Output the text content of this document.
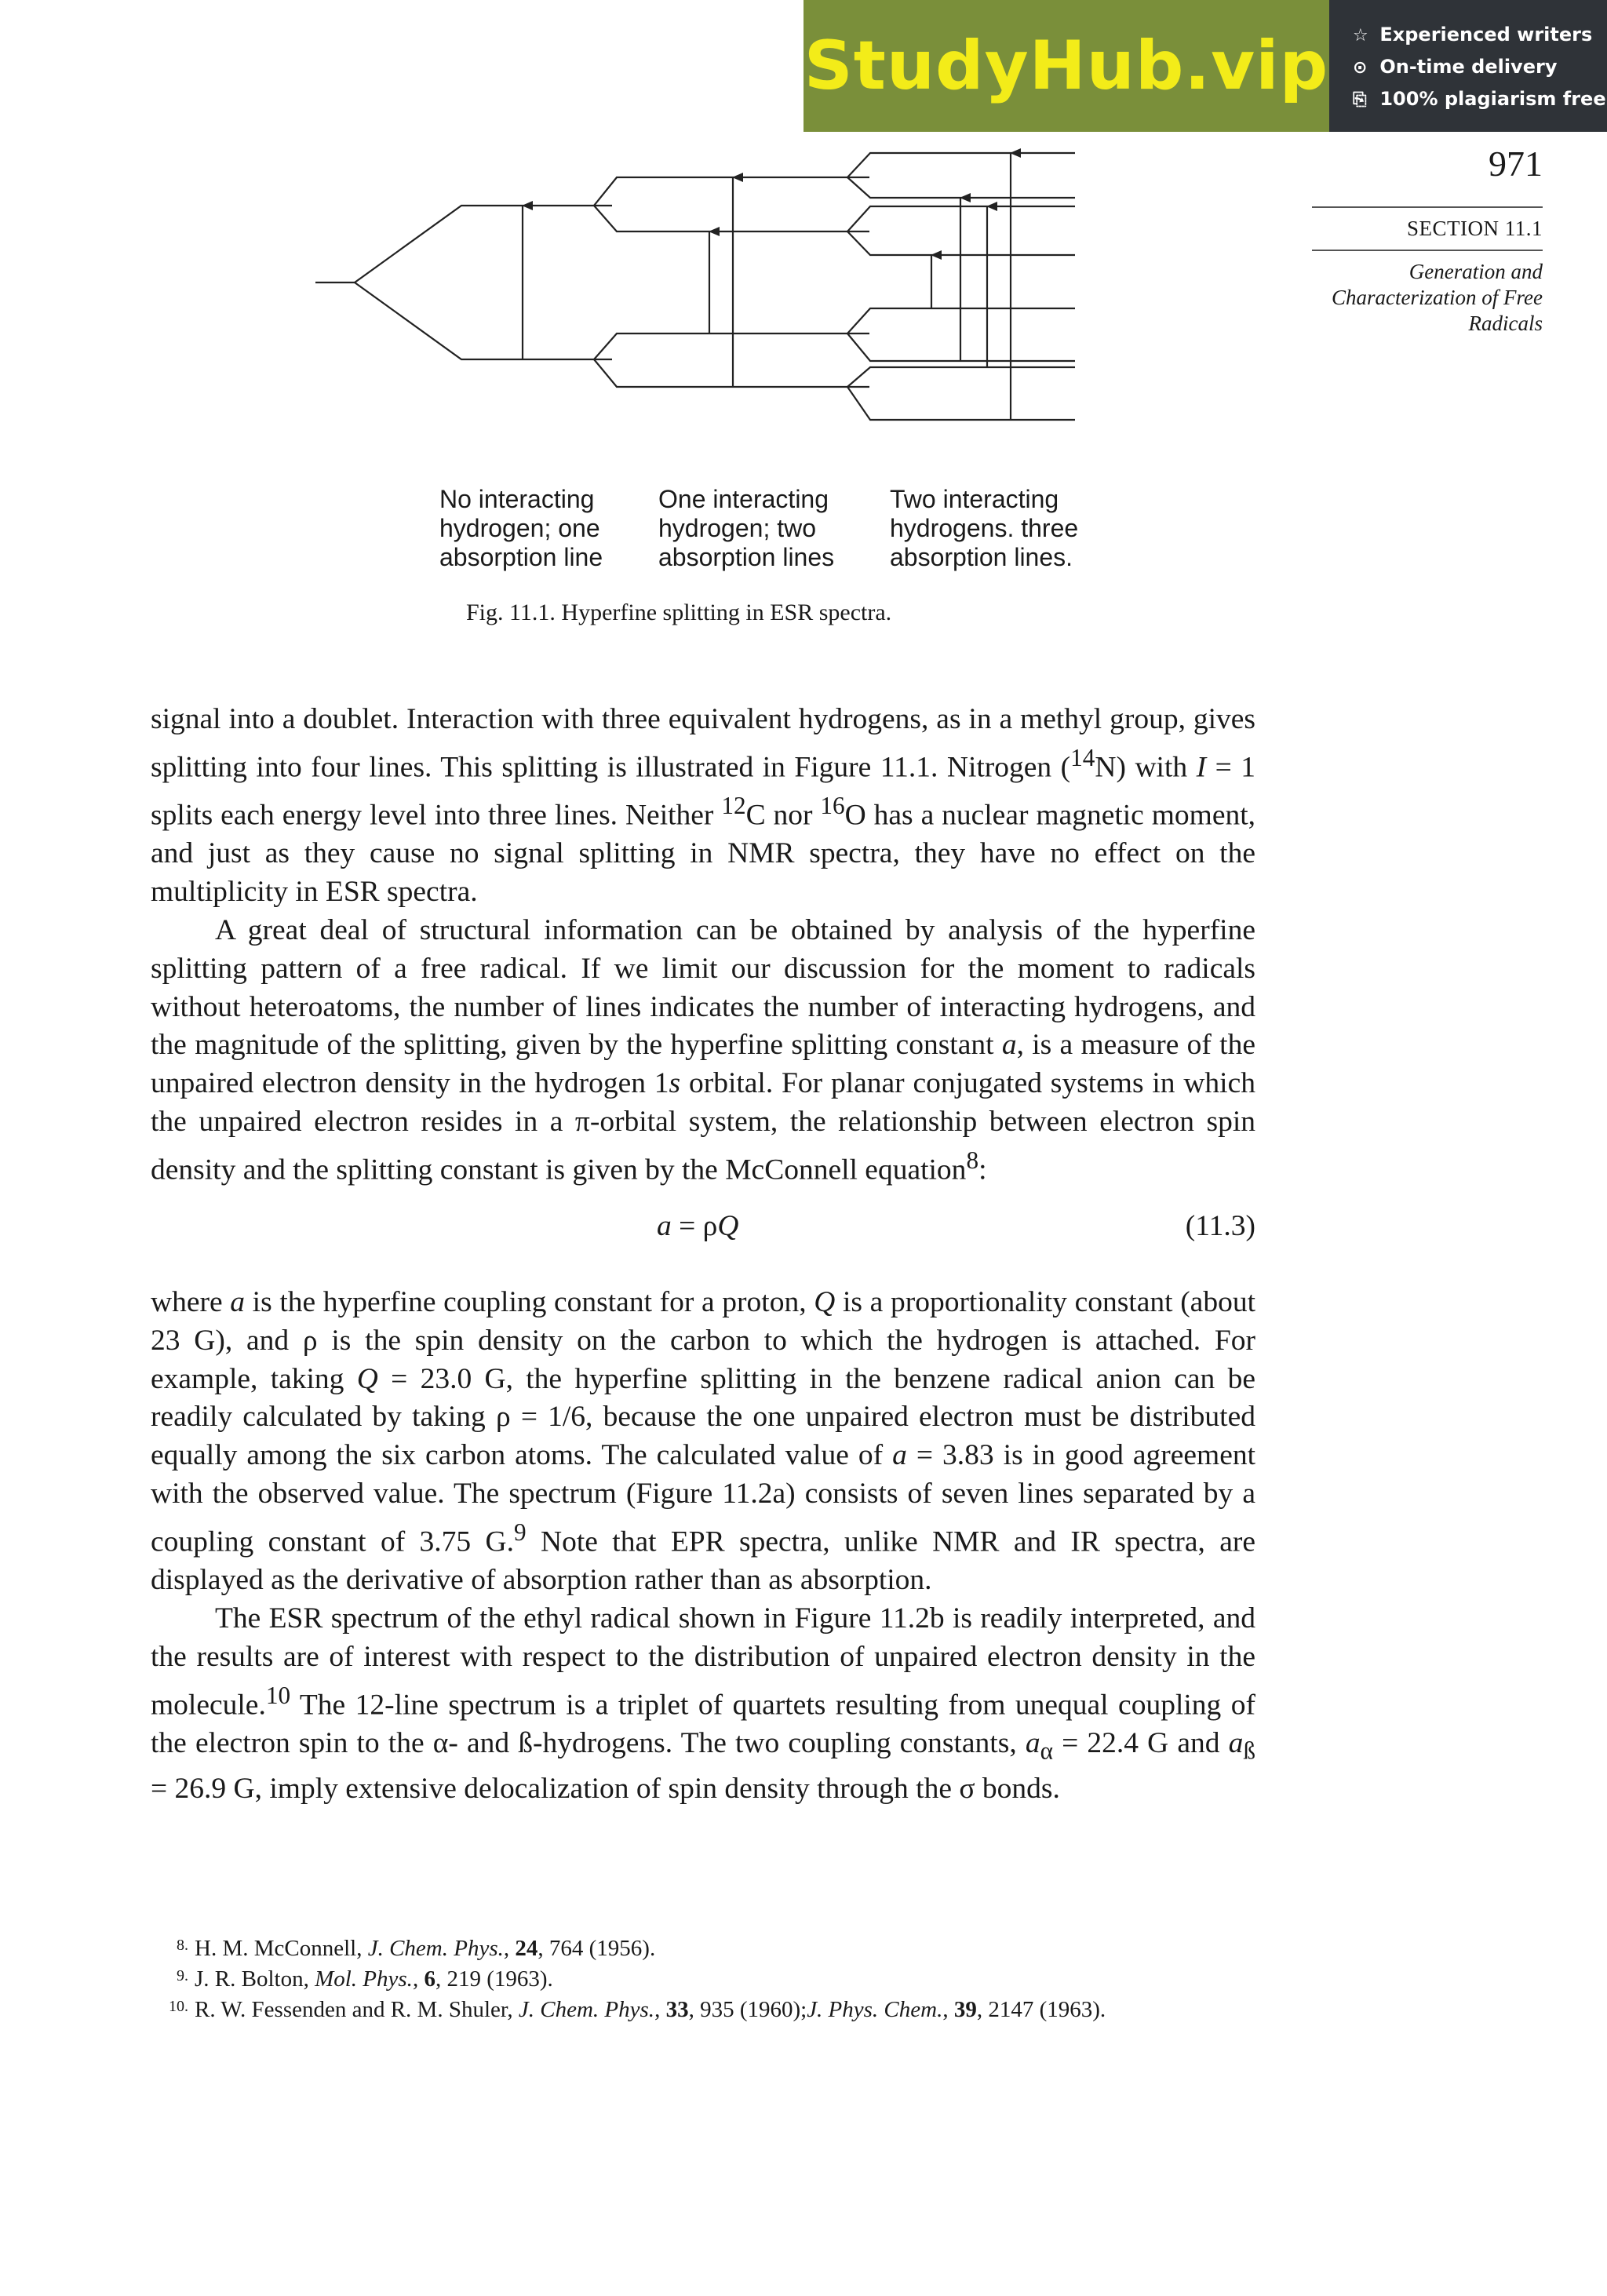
StudyHub.vip ☆ Experienced writers
⊙ On-time delivery
⎘ 100% plagiarism free
971
SECTION 11.1
Generation and Characterization of Free Radicals
No interacting
hydrogen; one
absorption line
One interacting
hydrogen; two
absorption lines
Two interacting
hydrogens. three
absorption lines.
Fig. 11.1. Hyperfine splitting in ESR spectra.

signal into a doublet. Interaction with three equivalent hydrogens, as in a methyl group, gives splitting into four lines. This splitting is illustrated in Figure 11.1. Nitrogen ($^{14}$N) with I = 1 splits each energy level into three lines. Neither $^{12}$C nor $^{16}$O has a nuclear magnetic moment, and just as they cause no signal splitting in NMR spectra, they have no effect on the multiplicity in ESR spectra.

A great deal of structural information can be obtained by analysis of the hyperfine splitting pattern of a free radical. If we limit our discussion for the moment to radicals without heteroatoms, the number of lines indicates the number of interacting hydrogens, and the magnitude of the splitting, given by the hyperfine splitting constant a, is a measure of the unpaired electron density in the hydrogen 1s orbital. For planar conjugated systems in which the unpaired electron resides in a π-orbital system, the relationship between electron spin density and the splitting constant is given by the McConnell equation$^8$:

a = ρQ	(11.3)

where a is the hyperfine coupling constant for a proton, Q is a proportionality constant (about 23 G), and ρ is the spin density on the carbon to which the hydrogen is attached. For example, taking Q = 23.0 G, the hyperfine splitting in the benzene radical anion can be readily calculated by taking ρ = 1/6, because the one unpaired electron must be distributed equally among the six carbon atoms. The calculated value of a = 3.83 is in good agreement with the observed value. The spectrum (Figure 11.2a) consists of seven lines separated by a coupling constant of 3.75 G.$^9$ Note that EPR spectra, unlike NMR and IR spectra, are displayed as the derivative of absorption rather than as absorption.

The ESR spectrum of the ethyl radical shown in Figure 11.2b is readily interpreted, and the results are of interest with respect to the distribution of unpaired electron density in the molecule.$^{10}$ The 12-line spectrum is a triplet of quartets resulting from unequal coupling of the electron spin to the α- and ß-hydrogens. The two coupling constants, $a_\alpha = 22.4$ G and $a_ß = 26.9$ G, imply extensive delocalization of spin density through the σ bonds.

8. H. M. McConnell, J. Chem. Phys., 24, 764 (1956).
9. J. R. Bolton, Mol. Phys., 6, 219 (1963).
10. R. W. Fessenden and R. M. Shuler, J. Chem. Phys., 33, 935 (1960);J. Phys. Chem., 39, 2147 (1963).
